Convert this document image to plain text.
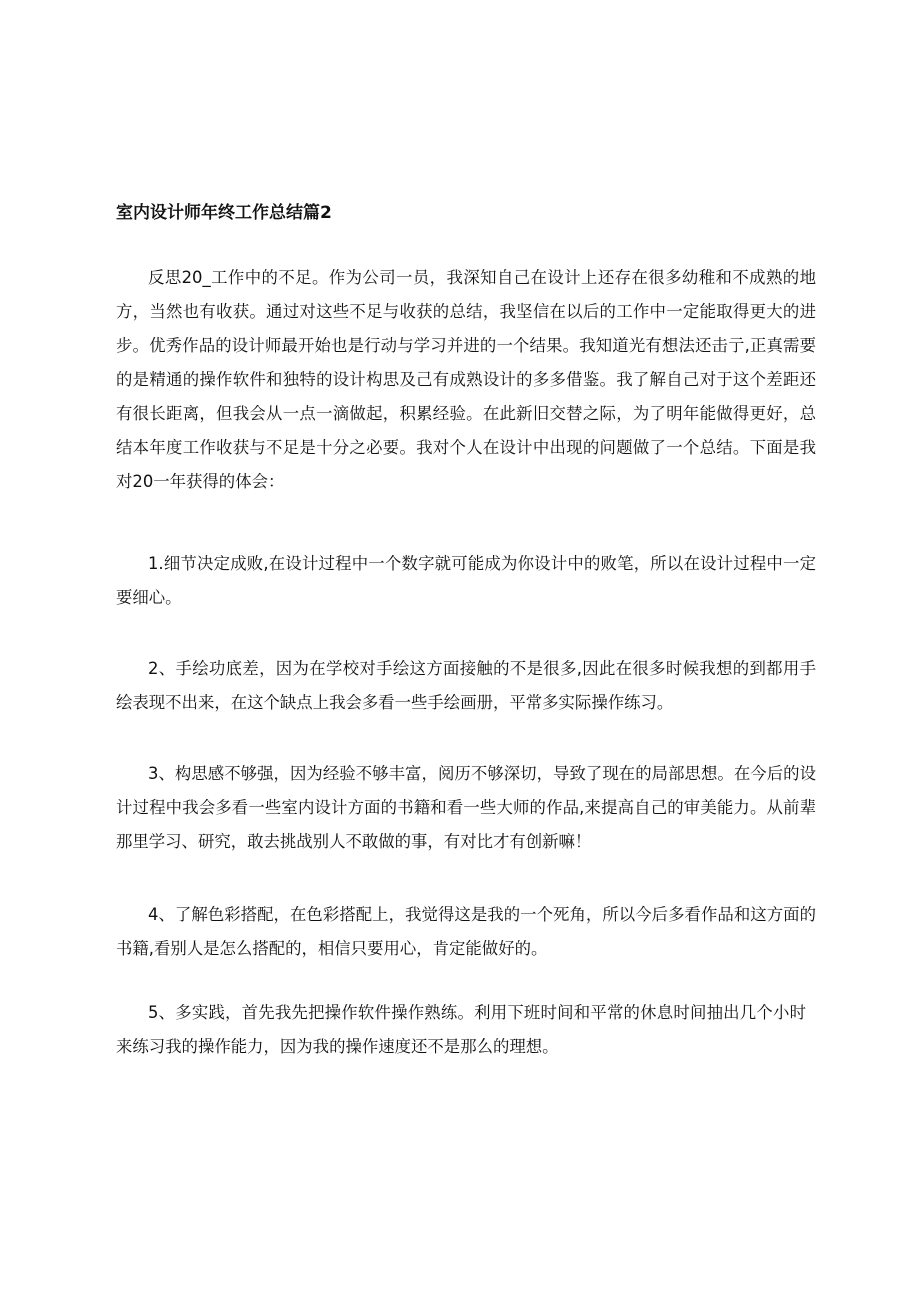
室内设计师年终工作总结篇2

反思20_工作中的不足。作为公司一员，我深知自己在设计上还存在很多幼稚和不成熟的地方，当然也有收获。通过对这些不足与收获的总结，我坚信在以后的工作中一定能取得更大的进步。优秀作品的设计师最开始也是行动与学习并进的一个结果。我知道光有想法还击亍,正真需要的是精通的操作软件和独特的设计构思及己有成熟设计的多多借鉴。我了解自己对于这个差距还有很长距离，但我会从一点一滴做起，积累经验。在此新旧交替之际，为了明年能做得更好，总结本年度工作收获与不足是十分之必要。我对个人在设计中出现的问题做了一个总结。下面是我对20一年获得的体会：

1.细节决定成败,在设计过程中一个数字就可能成为你设计中的败笔，所以在设计过程中一定要细心。

2、手绘功底差，因为在学校对手绘这方面接触的不是很多,因此在很多时候我想的到都用手绘表现不出来，在这个缺点上我会多看一些手绘画册，平常多实际操作练习。

3、构思感不够强，因为经验不够丰富，阅历不够深切，导致了现在的局部思想。在今后的设计过程中我会多看一些室内设计方面的书籍和看一些大师的作品,来提高自己的审美能力。从前辈那里学习、研究，敢去挑战别人不敢做的事，有对比才有创新嘛！

4、了解色彩搭配，在色彩搭配上，我觉得这是我的一个死角，所以今后多看作品和这方面的书籍,看别人是怎么搭配的，相信只要用心，肯定能做好的。

5、多实践，首先我先把操作软件操作熟练。利用下班时间和平常的休息时间抽出几个小时来练习我的操作能力，因为我的操作速度还不是那么的理想。
